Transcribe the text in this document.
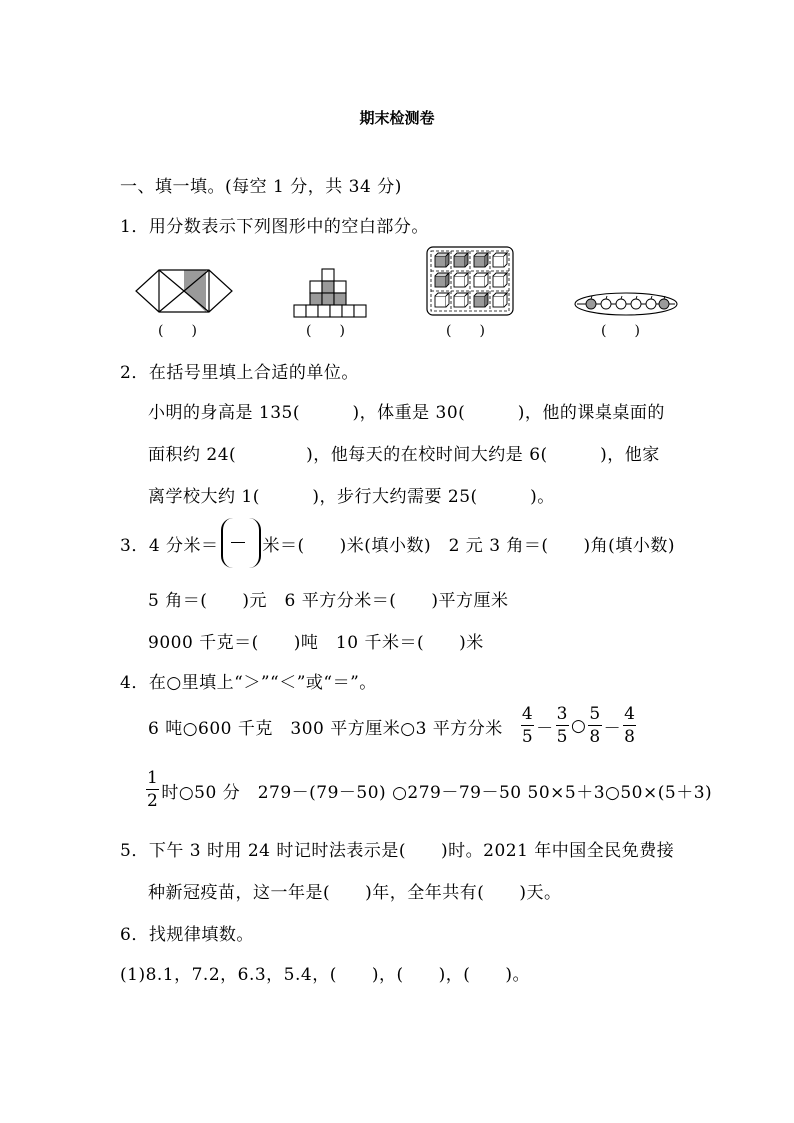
期末检测卷
一、填一填。(每空 1 分，共 34 分)
1．用分数表示下列图形中的空白部分。
(　　)	(　　)	(　　)	(　　)
2．在括号里填上合适的单位。
小明的身高是 135(　　　)，体重是 30(　　　)，他的课桌桌面的
面积约 24(　　　　)，他每天的在校时间大约是 6(　　　)，他家
离学校大约 1(　　　)，步行大约需要 25(　　　)。
3．4 分米＝	米＝(　　)米(填小数)　2 元 3 角＝(　　)角(填小数)
5 角＝(　　)元　6 平方分米＝(　　)平方厘米
9000 千克＝(　　)吨　10 千米＝(　　)米
4．在○里填上“＞”“＜”或“＝”。
6 吨○600 千克　300 平方厘米○3 平方分米 $\frac{4}{5} - \frac{3}{5}$ ○ $\frac{5}{8} - \frac{4}{8}$
$\frac{1}{2}$ 时○50 分　279－(79－50) ○279－79－50 50×5＋3○50×(5＋3)
5．下午 3 时用 24 时记时法表示是(　　)时。2021 年中国全民免费接
种新冠疫苗，这一年是(　　)年，全年共有(　　)天。
6．找规律填数。
(1)8.1，7.2，6.3，5.4，(　　)，(　　)，(　　)。
